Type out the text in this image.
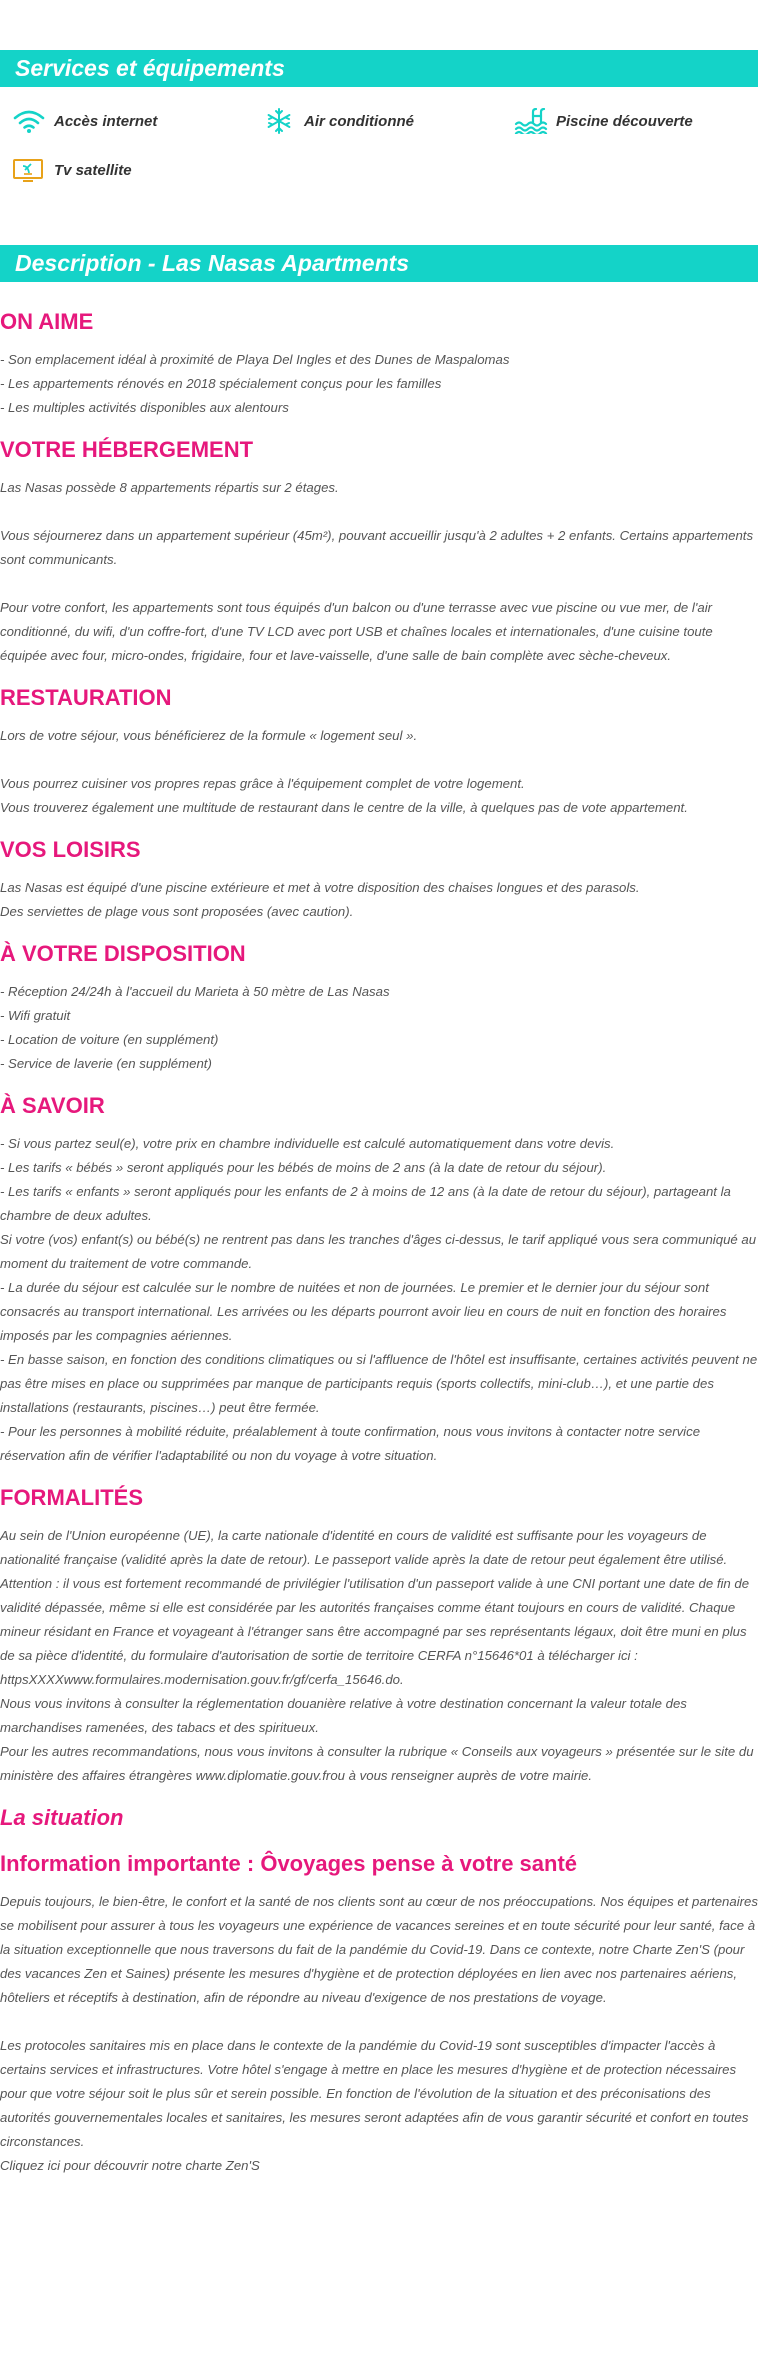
Services et équipements
Accès internet	Air conditionné	Piscine découverte
Tv satellite
Description - Las Nasas Apartments
ON AIME

- Son emplacement idéal à proximité de Playa Del Ingles et des Dunes de Maspalomas

- Les appartements rénovés en 2018 spécialement conçus pour les familles

- Les multiples activités disponibles aux alentours

VOTRE HÉBERGEMENT

Las Nasas possède 8 appartements répartis sur 2 étages.

Vous séjournerez dans un appartement supérieur (45m²), pouvant accueillir jusqu'à 2 adultes + 2 enfants. Certains appartements sont communicants.

Pour votre confort, les appartements sont tous équipés d'un balcon ou d'une terrasse avec vue piscine ou vue mer, de l'air conditionné, du wifi, d'un coffre-fort, d'une TV LCD avec port USB et chaînes locales et internationales, d'une cuisine toute équipée avec four, micro-ondes, frigidaire, four et lave-vaisselle, d'une salle de bain complète avec sèche-cheveux.

RESTAURATION

Lors de votre séjour, vous bénéficierez de la formule « logement seul ».

Vous pourrez cuisiner vos propres repas grâce à l'équipement complet de votre logement.

Vous trouverez également une multitude de restaurant dans le centre de la ville, à quelques pas de vote appartement.

VOS LOISIRS

Las Nasas est équipé d'une piscine extérieure et met à votre disposition des chaises longues et des parasols.

Des serviettes de plage vous sont proposées (avec caution).

À VOTRE DISPOSITION

- Réception 24/24h à l'accueil du Marieta à 50 mètre de Las Nasas

- Wifi gratuit

- Location de voiture (en supplément)

- Service de laverie (en supplément)

À SAVOIR

- Si vous partez seul(e), votre prix en chambre individuelle est calculé automatiquement dans votre devis.

- Les tarifs « bébés » seront appliqués pour les bébés de moins de 2 ans (à la date de retour du séjour).

- Les tarifs « enfants » seront appliqués pour les enfants de 2 à moins de 12 ans (à la date de retour du séjour), partageant la chambre de deux adultes.

Si votre (vos) enfant(s) ou bébé(s) ne rentrent pas dans les tranches d'âges ci-dessus, le tarif appliqué vous sera communiqué au moment du traitement de votre commande.

- La durée du séjour est calculée sur le nombre de nuitées et non de journées. Le premier et le dernier jour du séjour sont consacrés au transport international. Les arrivées ou les départs pourront avoir lieu en cours de nuit en fonction des horaires imposés par les compagnies aériennes.

- En basse saison, en fonction des conditions climatiques ou si l'affluence de l'hôtel est insuffisante, certaines activités peuvent ne pas être mises en place ou supprimées par manque de participants requis (sports collectifs, mini-club…), et une partie des installations (restaurants, piscines…) peut être fermée.

- Pour les personnes à mobilité réduite, préalablement à toute confirmation, nous vous invitons à contacter notre service réservation afin de vérifier l'adaptabilité ou non du voyage à votre situation.

FORMALITÉS

Au sein de l'Union européenne (UE), la carte nationale d'identité en cours de validité est suffisante pour les voyageurs de nationalité française (validité après la date de retour). Le passeport valide après la date de retour peut également être utilisé. Attention : il vous est fortement recommandé de privilégier l'utilisation d'un passeport valide à une CNI portant une date de fin de validité dépassée, même si elle est considérée par les autorités françaises comme étant toujours en cours de validité. Chaque mineur résidant en France et voyageant à l'étranger sans être accompagné par ses représentants légaux, doit être muni en plus de sa pièce d'identité, du formulaire d'autorisation de sortie de territoire CERFA n°15646*01 à télécharger ici :

httpsXXXXwww.formulaires.modernisation.gouv.fr/gf/cerfa_15646.do.

Nous vous invitons à consulter la réglementation douanière relative à votre destination concernant la valeur totale des marchandises ramenées, des tabacs et des spiritueux.

Pour les autres recommandations, nous vous invitons à consulter la rubrique « Conseils aux voyageurs » présentée sur le site du ministère des affaires étrangères www.diplomatie.gouv.frou à vous renseigner auprès de votre mairie.

La situation
Information importante : Ôvoyages pense à votre santé

Depuis toujours, le bien-être, le confort et la santé de nos clients sont au cœur de nos préoccupations. Nos équipes et partenaires se mobilisent pour assurer à tous les voyageurs une expérience de vacances sereines et en toute sécurité pour leur santé, face à la situation exceptionnelle que nous traversons du fait de la pandémie du Covid-19. Dans ce contexte, notre Charte Zen'S (pour des vacances Zen et Saines) présente les mesures d'hygiène et de protection déployées en lien avec nos partenaires aériens, hôteliers et réceptifs à destination, afin de répondre au niveau d'exigence de nos prestations de voyage.

Les protocoles sanitaires mis en place dans le contexte de la pandémie du Covid-19 sont susceptibles d'impacter l'accès à certains services et infrastructures. Votre hôtel s'engage à mettre en place les mesures d'hygiène et de protection nécessaires pour que votre séjour soit le plus sûr et serein possible. En fonction de l'évolution de la situation et des préconisations des autorités gouvernementales locales et sanitaires, les mesures seront adaptées afin de vous garantir sécurité et confort en toutes circonstances.

Cliquez ici pour découvrir notre charte Zen'S
